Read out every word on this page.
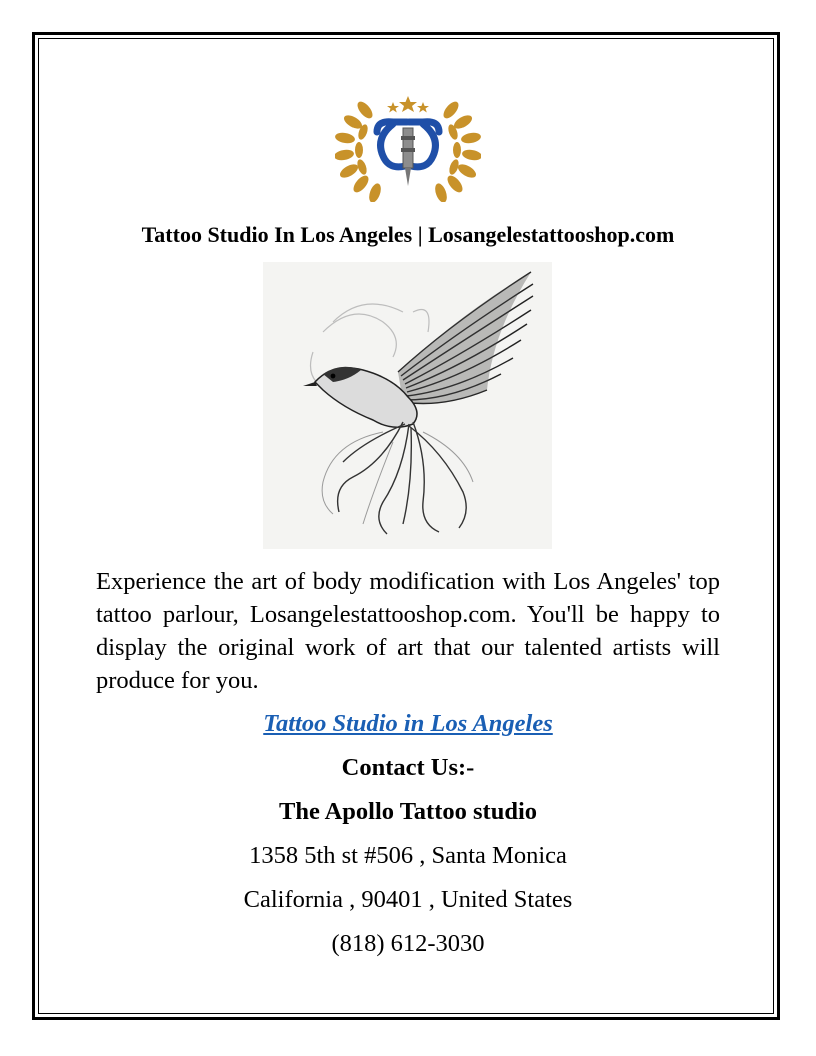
Tattoo Studio In Los Angeles | Losangelestattooshop.com
Experience the art of body modification with Los Angeles' top tattoo parlour, Losangelestattooshop.com. You'll be happy to display the original work of art that our talented artists will produce for you.
Tattoo Studio in Los Angeles
Contact Us:-
The Apollo Tattoo studio
1358 5th st #506 , Santa Monica
California , 90401 , United States
(818) 612-3030
